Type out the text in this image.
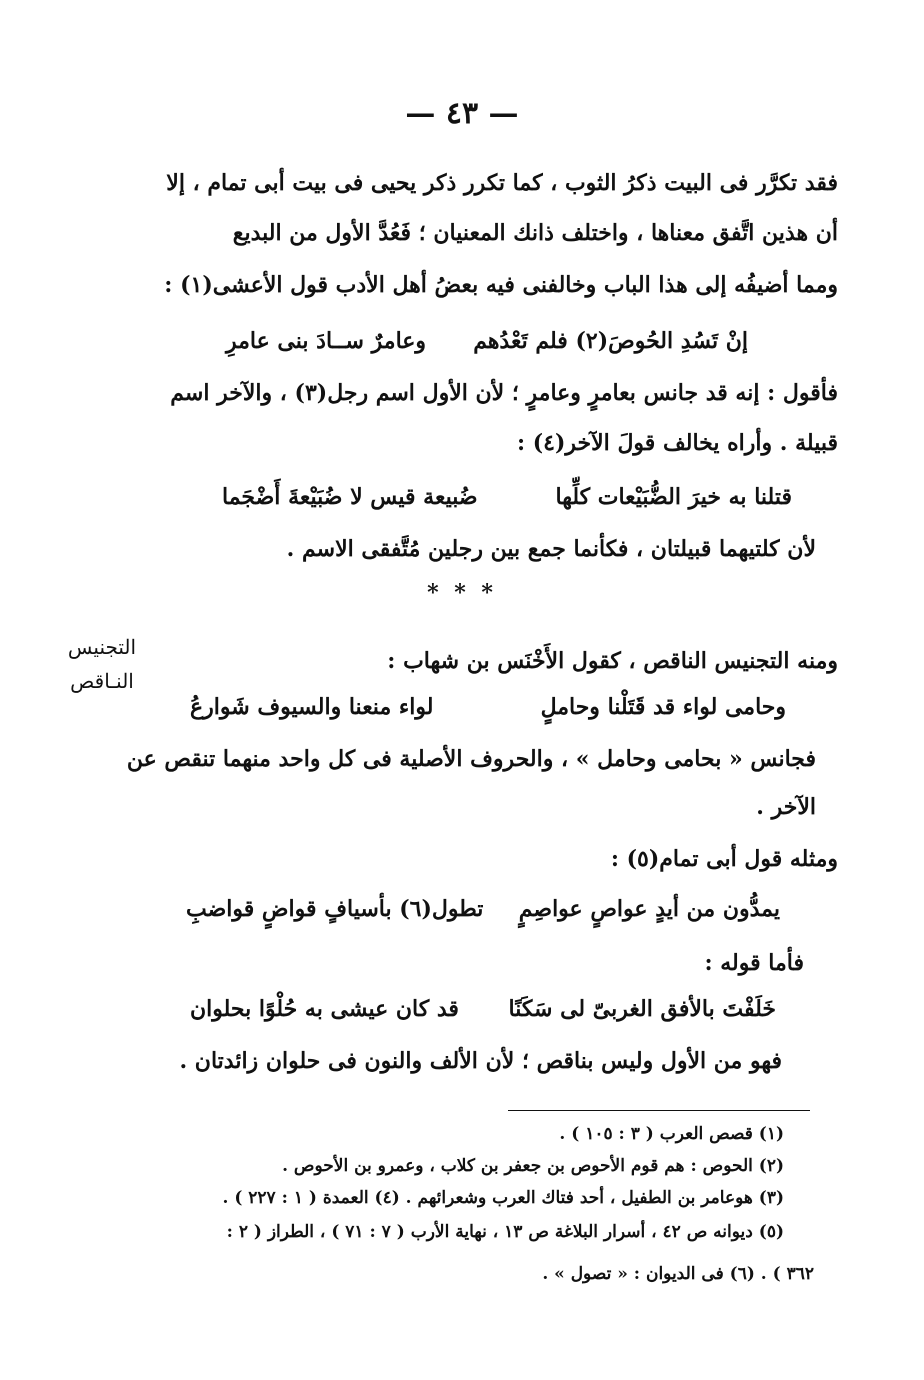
— ٤٣ —
فقد تكرَّر فى البيت ذكرُ الثوب ، كما تكرر ذكر يحيى فى بيت أبى تمام ، إلا
أن هذين اتَّفق معناها ، واختلف ذانك المعنيان ؛ فَعُدَّ الأول من البديع
ومما أضيفُه إلى هذا الباب وخالفنى فيه بعضُ أهل الأدب قول الأعشى(١) :
إنْ تَسُدِ الحُوصَ(٢) فلم تَعْدُهم
وعامرٌ ســادَ بنى عامرِ
فأقول : إنه قد جانس بعامرٍ وعامرٍ ؛ لأن الأول اسم رجل(٣) ، والآخر اسم
قبيلة . وأراه يخالف قولَ الآخر(٤) :
قتلنا به خيرَ الضُّبَيْعات كلِّها
ضُبيعة قيس لا ضُبَيْعةَ أَضْجَما
لأن كلتيهما قبيلتان ، فكأنما جمع بين رجلين مُتَّفقى الاسم .
* * *
التجنيس
النـاقص
ومنه التجنيس الناقص ، كقول الأَخْنَس بن شهاب :
وحامى لواء قد قَتَلْنا وحاملٍ
لواء منعنا والسيوف شَوارعُ
فجانس « بحامى وحامل » ، والحروف الأصلية فى كل واحد منهما تنقص عن
الآخر .
ومثله قول أبى تمام(٥) :
يمدُّون من أيدٍ عواصٍ عواصِمٍ
تطول(٦) بأسيافٍ قواضٍ قواضبِ
فأما قوله :
خَلَفْتَ بالأفق الغربىّ لى سَكَنًا
قد كان عيشى به حُلْوًا بحلوان
فهو من الأول وليس بناقص ؛ لأن الألف والنون فى حلوان زائدتان .
(١) قصص العرب ( ٣ : ١٠٥ ) .
(٢) الحوص : هم قوم الأحوص بن جعفر بن كلاب ، وعمرو بن الأحوص .
(٣) هوعامر بن الطفيل ، أحد فتاك العرب وشعرائهم . (٤) العمدة ( ١ : ٢٢٧ ) .
(٥) ديوانه ص ٤٢ ، أسرار البلاغة ص ١٣ ، نهاية الأرب ( ٧ : ٧١ ) ، الطراز ( ٢ :
٣٦٢ ) . (٦) فى الديوان : « تصول » .
